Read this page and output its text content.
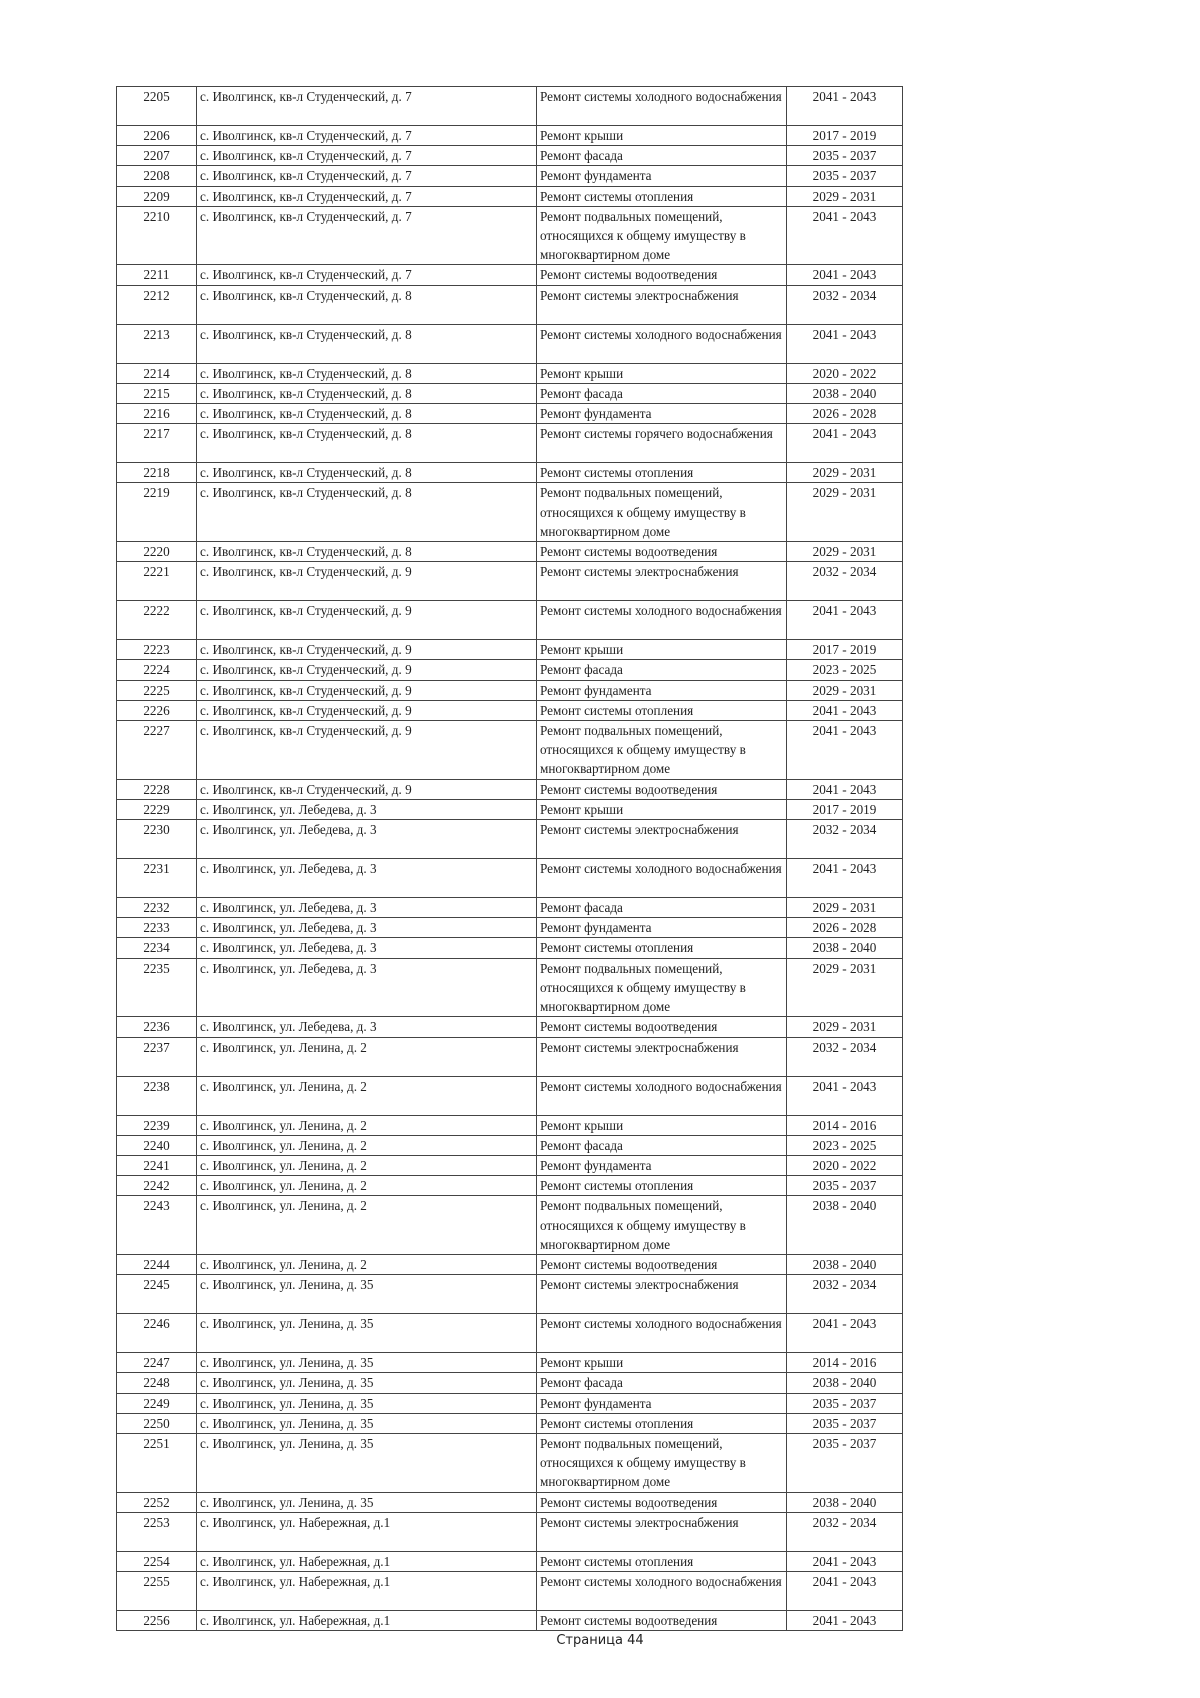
2205	с. Иволгинск, кв-л Студенческий, д. 7	Ремонт системы холодного водоснабжения	2041 - 2043
2206	с. Иволгинск, кв-л Студенческий, д. 7	Ремонт крыши	2017 - 2019
2207	с. Иволгинск, кв-л Студенческий, д. 7	Ремонт фасада	2035 - 2037
2208	с. Иволгинск, кв-л Студенческий, д. 7	Ремонт фундамента	2035 - 2037
2209	с. Иволгинск, кв-л Студенческий, д. 7	Ремонт системы отопления	2029 - 2031
2210	с. Иволгинск, кв-л Студенческий, д. 7	Ремонт подвальных помещений, относящихся к общему имуществу в многоквартирном доме	2041 - 2043
2211	с. Иволгинск, кв-л Студенческий, д. 7	Ремонт системы водоотведения	2041 - 2043
2212	с. Иволгинск, кв-л Студенческий, д. 8	Ремонт системы электроснабжения	2032 - 2034
2213	с. Иволгинск, кв-л Студенческий, д. 8	Ремонт системы холодного водоснабжения	2041 - 2043
2214	с. Иволгинск, кв-л Студенческий, д. 8	Ремонт крыши	2020 - 2022
2215	с. Иволгинск, кв-л Студенческий, д. 8	Ремонт фасада	2038 - 2040
2216	с. Иволгинск, кв-л Студенческий, д. 8	Ремонт фундамента	2026 - 2028
2217	с. Иволгинск, кв-л Студенческий, д. 8	Ремонт системы горячего водоснабжения	2041 - 2043
2218	с. Иволгинск, кв-л Студенческий, д. 8	Ремонт системы отопления	2029 - 2031
2219	с. Иволгинск, кв-л Студенческий, д. 8	Ремонт подвальных помещений, относящихся к общему имуществу в многоквартирном доме	2029 - 2031
2220	с. Иволгинск, кв-л Студенческий, д. 8	Ремонт системы водоотведения	2029 - 2031
2221	с. Иволгинск, кв-л Студенческий, д. 9	Ремонт системы электроснабжения	2032 - 2034
2222	с. Иволгинск, кв-л Студенческий, д. 9	Ремонт системы холодного водоснабжения	2041 - 2043
2223	с. Иволгинск, кв-л Студенческий, д. 9	Ремонт крыши	2017 - 2019
2224	с. Иволгинск, кв-л Студенческий, д. 9	Ремонт фасада	2023 - 2025
2225	с. Иволгинск, кв-л Студенческий, д. 9	Ремонт фундамента	2029 - 2031
2226	с. Иволгинск, кв-л Студенческий, д. 9	Ремонт системы отопления	2041 - 2043
2227	с. Иволгинск, кв-л Студенческий, д. 9	Ремонт подвальных помещений, относящихся к общему имуществу в многоквартирном доме	2041 - 2043
2228	с. Иволгинск, кв-л Студенческий, д. 9	Ремонт системы водоотведения	2041 - 2043
2229	с. Иволгинск, ул. Лебедева, д. 3	Ремонт крыши	2017 - 2019
2230	с. Иволгинск, ул. Лебедева, д. 3	Ремонт системы электроснабжения	2032 - 2034
2231	с. Иволгинск, ул. Лебедева, д. 3	Ремонт системы холодного водоснабжения	2041 - 2043
2232	с. Иволгинск, ул. Лебедева, д. 3	Ремонт фасада	2029 - 2031
2233	с. Иволгинск, ул. Лебедева, д. 3	Ремонт фундамента	2026 - 2028
2234	с. Иволгинск, ул. Лебедева, д. 3	Ремонт системы отопления	2038 - 2040
2235	с. Иволгинск, ул. Лебедева, д. 3	Ремонт подвальных помещений, относящихся к общему имуществу в многоквартирном доме	2029 - 2031
2236	с. Иволгинск, ул. Лебедева, д. 3	Ремонт системы водоотведения	2029 - 2031
2237	с. Иволгинск, ул. Ленина, д. 2	Ремонт системы электроснабжения	2032 - 2034
2238	с. Иволгинск, ул. Ленина, д. 2	Ремонт системы холодного водоснабжения	2041 - 2043
2239	с. Иволгинск, ул. Ленина, д. 2	Ремонт крыши	2014 - 2016
2240	с. Иволгинск, ул. Ленина, д. 2	Ремонт фасада	2023 - 2025
2241	с. Иволгинск, ул. Ленина, д. 2	Ремонт фундамента	2020 - 2022
2242	с. Иволгинск, ул. Ленина, д. 2	Ремонт системы отопления	2035 - 2037
2243	с. Иволгинск, ул. Ленина, д. 2	Ремонт подвальных помещений, относящихся к общему имуществу в многоквартирном доме	2038 - 2040
2244	с. Иволгинск, ул. Ленина, д. 2	Ремонт системы водоотведения	2038 - 2040
2245	с. Иволгинск, ул. Ленина, д. 35	Ремонт системы электроснабжения	2032 - 2034
2246	с. Иволгинск, ул. Ленина, д. 35	Ремонт системы холодного водоснабжения	2041 - 2043
2247	с. Иволгинск, ул. Ленина, д. 35	Ремонт крыши	2014 - 2016
2248	с. Иволгинск, ул. Ленина, д. 35	Ремонт фасада	2038 - 2040
2249	с. Иволгинск, ул. Ленина, д. 35	Ремонт фундамента	2035 - 2037
2250	с. Иволгинск, ул. Ленина, д. 35	Ремонт системы отопления	2035 - 2037
2251	с. Иволгинск, ул. Ленина, д. 35	Ремонт подвальных помещений, относящихся к общему имуществу в многоквартирном доме	2035 - 2037
2252	с. Иволгинск, ул. Ленина, д. 35	Ремонт системы водоотведения	2038 - 2040
2253	с. Иволгинск, ул. Набережная, д.1	Ремонт системы электроснабжения	2032 - 2034
2254	с. Иволгинск, ул. Набережная, д.1	Ремонт системы отопления	2041 - 2043
2255	с. Иволгинск, ул. Набережная, д.1	Ремонт системы холодного водоснабжения	2041 - 2043
2256	с. Иволгинск, ул. Набережная, д.1	Ремонт системы водоотведения	2041 - 2043
Страница 44
